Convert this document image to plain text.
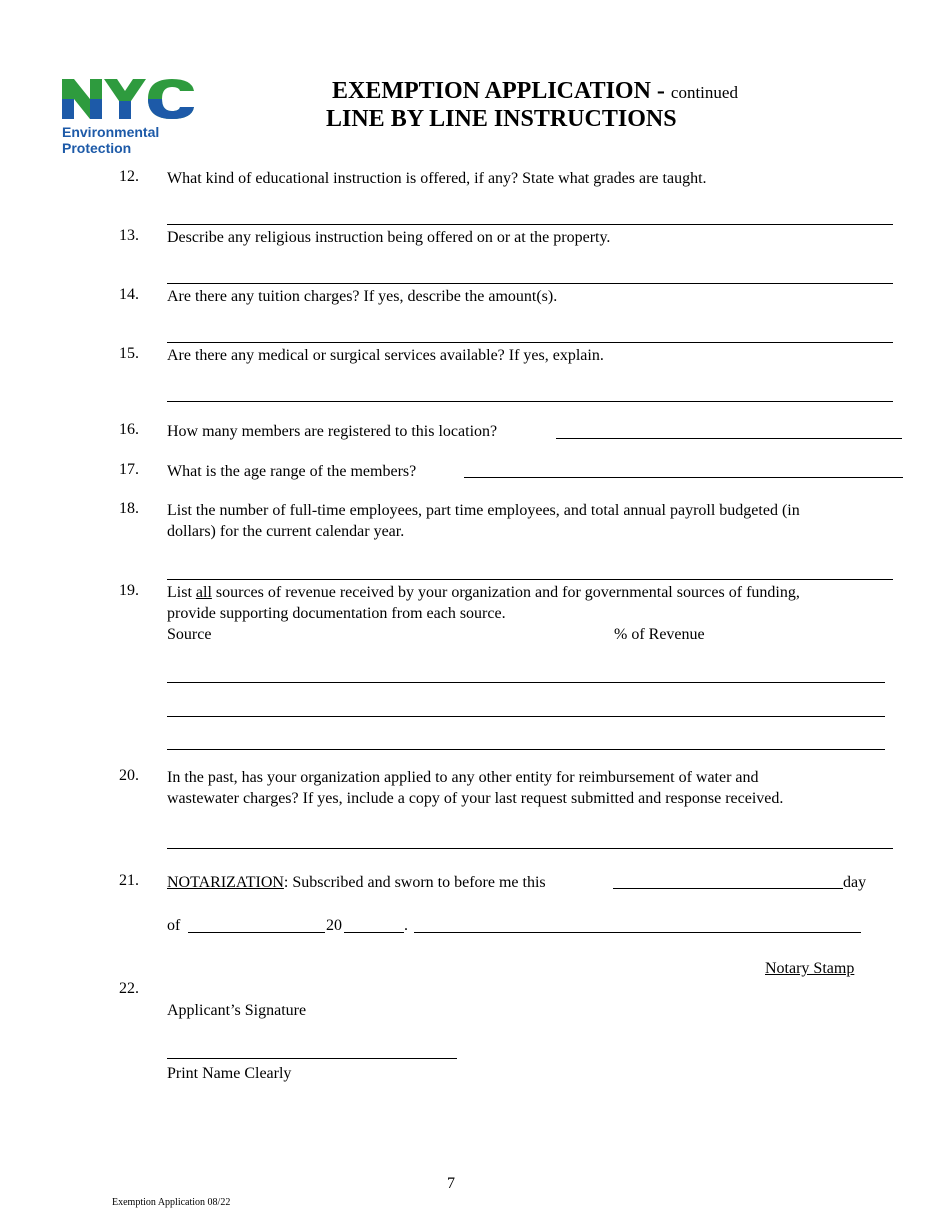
Environmental
Protection
EXEMPTION APPLICATION - continued
LINE BY LINE INSTRUCTIONS
12. What kind of educational instruction is offered, if any? State what grades are taught.
13. Describe any religious instruction being offered on or at the property.
14. Are there any tuition charges? If yes, describe the amount(s).
15. Are there any medical or surgical services available? If yes, explain.
16. How many members are registered to this location?
17. What is the age range of the members?
18. List the number of full-time employees, part time employees, and total annual payroll budgeted (in
dollars) for the current calendar year.
19. List all sources of revenue received by your organization and for governmental sources of funding,
provide supporting documentation from each source.
Source	% of Revenue
20. In the past, has your organization applied to any other entity for reimbursement of water and
wastewater charges? If yes, include a copy of your last request submitted and response received.
21. NOTARIZATION: Subscribed and sworn to before me this	day
of	20	.
Notary Stamp
22.
Applicant’s Signature
Print Name Clearly
7
Exemption Application 08/22
